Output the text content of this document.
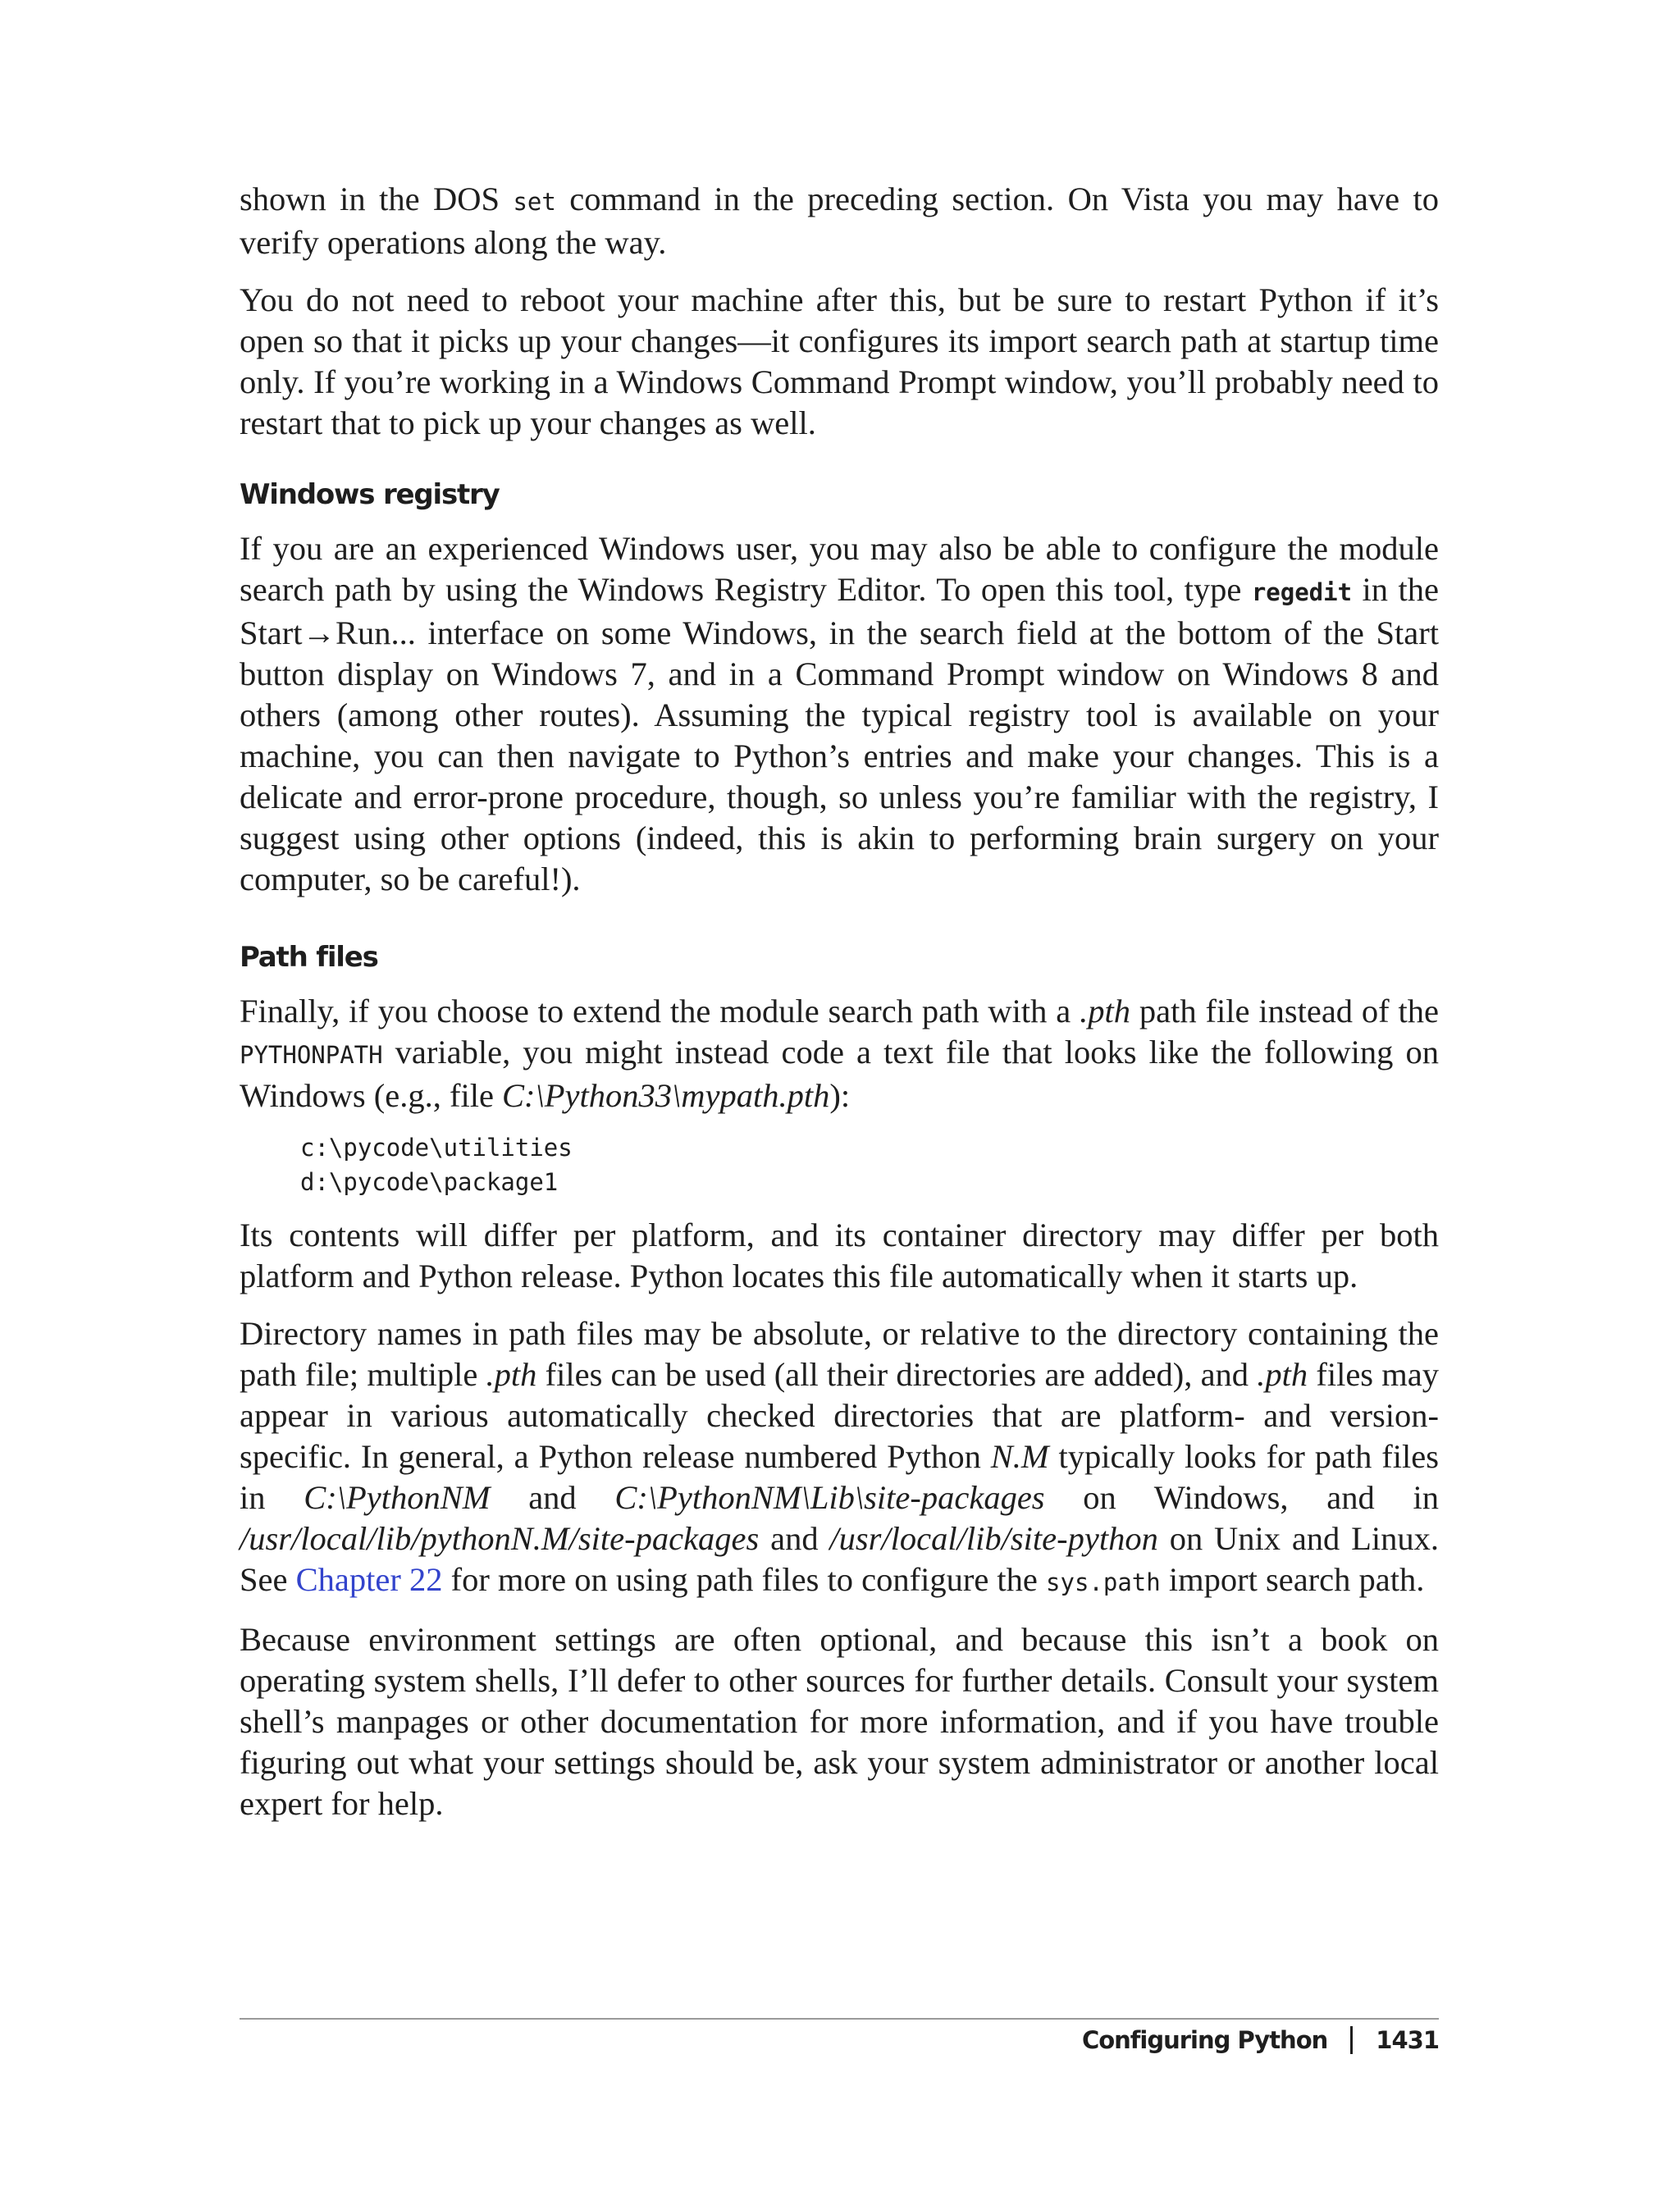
shown in the DOS set command in the preceding section. On Vista you may have to verify operations along the way.

You do not need to reboot your machine after this, but be sure to restart Python if it’s open so that it picks up your changes—it configures its import search path at startup time only. If you’re working in a Windows Command Prompt window, you’ll probably need to restart that to pick up your changes as well.

Windows registry

If you are an experienced Windows user, you may also be able to configure the module search path by using the Windows Registry Editor. To open this tool, type regedit in the Start→Run... interface on some Windows, in the search field at the bottom of the Start button display on Windows 7, and in a Command Prompt window on Windows 8 and others (among other routes). Assuming the typical registry tool is available on your machine, you can then navigate to Python’s entries and make your changes. This is a delicate and error-prone procedure, though, so unless you’re familiar with the registry, I suggest using other options (indeed, this is akin to performing brain surgery on your computer, so be careful!).

Path files

Finally, if you choose to extend the module search path with a .pth path file instead of the PYTHONPATH variable, you might instead code a text file that looks like the following on Windows (e.g., file C:\Python33\mypath.pth):

c:\pycode\utilities
d:\pycode\package1

Its contents will differ per platform, and its container directory may differ per both platform and Python release. Python locates this file automatically when it starts up.

Directory names in path files may be absolute, or relative to the directory containing the path file; multiple .pth files can be used (all their directories are added), and .pth files may appear in various automatically checked directories that are platform- and version-specific. In general, a Python release numbered Python N.M typically looks for path files in C:\PythonNM and C:\PythonNM\Lib\site-packages on Windows, and in /usr/local/lib/pythonN.M/site-packages and /usr/local/lib/site-python on Unix and Linux. See Chapter 22 for more on using path files to configure the sys.path import search path.

Because environment settings are often optional, and because this isn’t a book on operating system shells, I’ll defer to other sources for further details. Consult your system shell’s manpages or other documentation for more information, and if you have trouble figuring out what your settings should be, ask your system administrator or another local expert for help.

Configuring Python 1431
